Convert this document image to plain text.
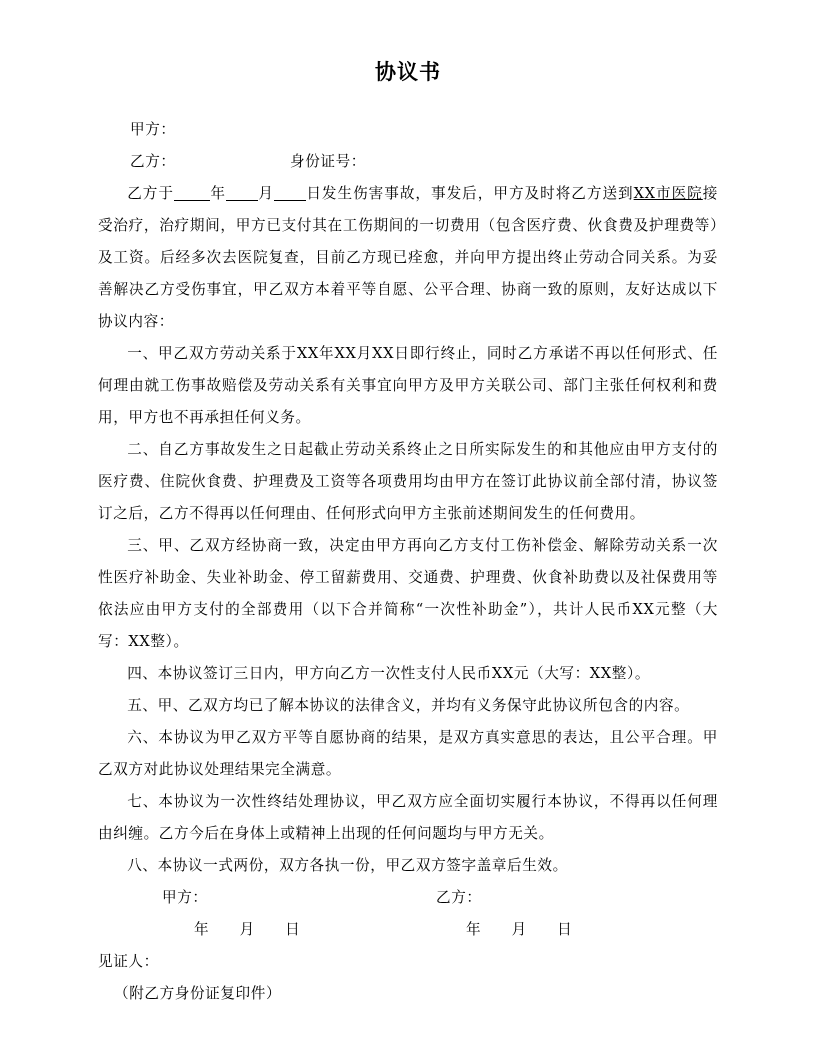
协议书
甲方：
乙方：	身份证号：

乙方于 年 月 日发生伤害事故，事发后，甲方及时将乙方送到XX市医院接受治疗，治疗期间，甲方已支付其在工伤期间的一切费用（包含医疗费、伙食费及护理费等）及工资。后经多次去医院复查，目前乙方现已痊愈，并向甲方提出终止劳动合同关系。为妥善解决乙方受伤事宜，甲乙双方本着平等自愿、公平合理、协商一致的原则，友好达成以下协议内容：

一、甲乙双方劳动关系于XX年XX月XX日即行终止，同时乙方承诺不再以任何形式、任何理由就工伤事故赔偿及劳动关系有关事宜向甲方及甲方关联公司、部门主张任何权利和费用，甲方也不再承担任何义务。

二、自乙方事故发生之日起截止劳动关系终止之日所实际发生的和其他应由甲方支付的医疗费、住院伙食费、护理费及工资等各项费用均由甲方在签订此协议前全部付清，协议签订之后，乙方不得再以任何理由、任何形式向甲方主张前述期间发生的任何费用。

三、甲、乙双方经协商一致，决定由甲方再向乙方支付工伤补偿金、解除劳动关系一次性医疗补助金、失业补助金、停工留薪费用、交通费、护理费、伙食补助费以及社保费用等依法应由甲方支付的全部费用（以下合并简称“一次性补助金”），共计人民币XX元整（大写：XX整）。

四、本协议签订三日内，甲方向乙方一次性支付人民币XX元（大写：XX整）。

五、甲、乙双方均已了解本协议的法律含义，并均有义务保守此协议所包含的内容。

六、本协议为甲乙双方平等自愿协商的结果，是双方真实意思的表达，且公平合理。甲乙双方对此协议处理结果完全满意。

七、本协议为一次性终结处理协议，甲乙双方应全面切实履行本协议，不得再以任何理由纠缠。乙方今后在身体上或精神上出现的任何问题均与甲方无关。

八、本协议一式两份，双方各执一份，甲乙双方签字盖章后生效。

甲方：	乙方：
年　　月　　日	年　　月　　日
见证人：
（附乙方身份证复印件）
